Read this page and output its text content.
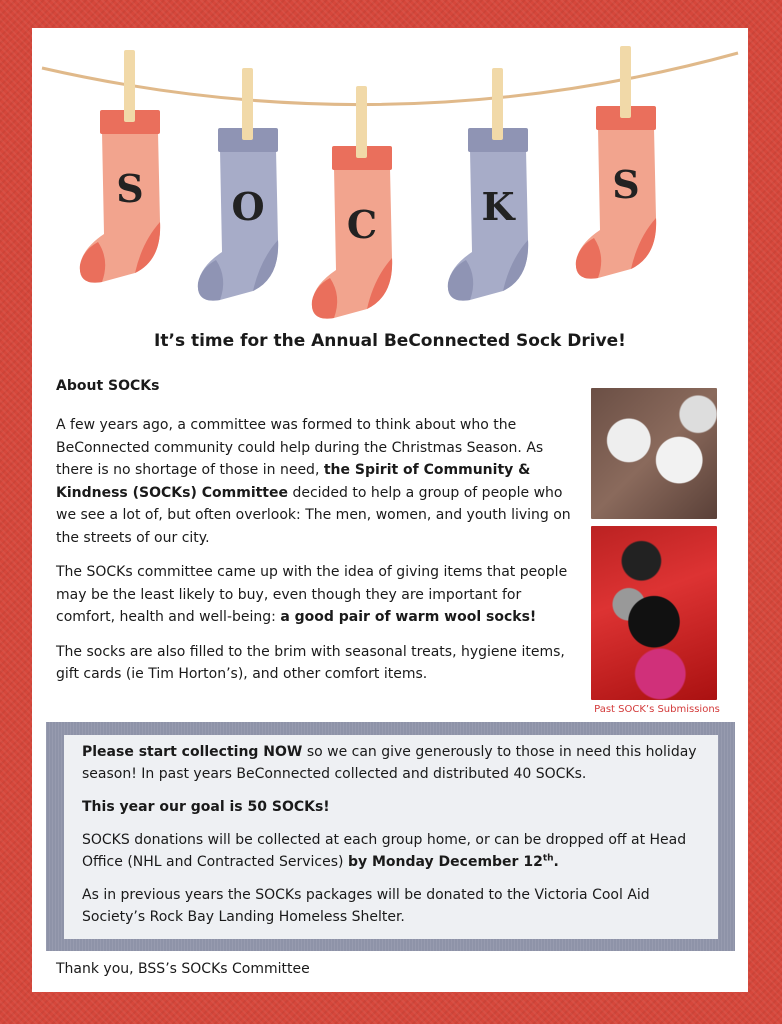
S O C	K	S
It’s time for the Annual BeConnected Sock Drive!
About SOCKs

A few years ago, a committee was formed to think about who the BeConnected community could help during the Christmas Season. As there is no shortage of those in need, the Spirit of Community & Kindness (SOCKs) Committee decided to help a group of people who we see a lot of, but often overlook: The men, women, and youth living on the streets of our city.

The SOCKs committee came up with the idea of giving items that people may be the least likely to buy, even though they are important for comfort, health and well-being: a good pair of warm wool socks!

The socks are also filled to the brim with seasonal treats, hygiene items, gift cards (ie Tim Horton’s), and other comfort items.

Past SOCK’s Submissions

Please start collecting NOW so we can give generously to those in need this holiday season! In past years BeConnected collected and distributed 40 SOCKs.

This year our goal is 50 SOCKs!

SOCKS donations will be collected at each group home, or can be dropped off at Head Office (NHL and Contracted Services) by Monday December 12th.

As in previous years the SOCKs packages will be donated to the Victoria Cool Aid Society’s Rock Bay Landing Homeless Shelter.

Thank you, BSS’s SOCKs Committee
